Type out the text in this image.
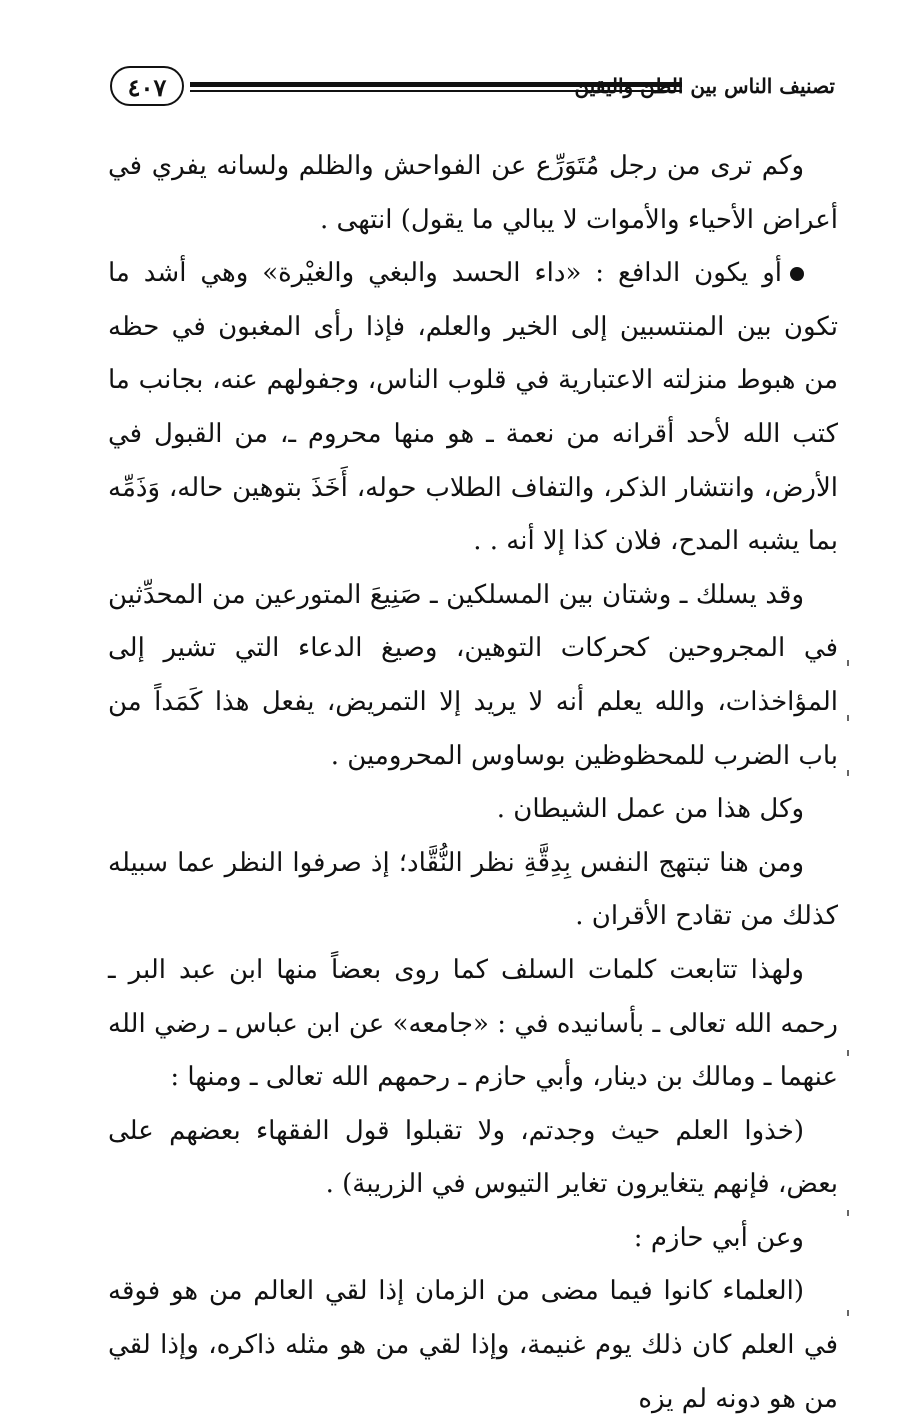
٤٠٧	تصنيف الناس بين الظن واليقين

وكم ترى من رجل مُتَوَرِّع عن الفواحش والظلم ولسانه يفري في أعراض الأحياء والأموات لا يبالي ما يقول) انتهى .

أو يكون الدافع : «داء الحسد والبغي والغيْرة» وهي أشد ما تكون بين المنتسبين إلى الخير والعلم، فإذا رأى المغبون في حظه من هبوط منزلته الاعتبارية في قلوب الناس، وجفولهم عنه، بجانب ما كتب الله لأحد أقرانه من نعمة ـ هو منها محروم ـ، من القبول في الأرض، وانتشار الذكر، والتفاف الطلاب حوله، أَخَذَ بتوهين حاله، وَذَمِّه بما يشبه المدح، فلان كذا إلا أنه . .

وقد يسلك ـ وشتان بين المسلكين ـ صَنِيعَ المتورعين من المحدِّثين في المجروحين كحركات التوهين، وصيغ الدعاء التي تشير إلى المؤاخذات، والله يعلم أنه لا يريد إلا التمريض، يفعل هذا كَمَداً من باب الضرب للمحظوظين بوساوس المحرومين .

وكل هذا من عمل الشيطان .

ومن هنا تبتهج النفس بِدِقَّةِ نظر النُّقَّاد؛ إذ صرفوا النظر عما سبيله كذلك من تقادح الأقران .

ولهذا تتابعت كلمات السلف كما روى بعضاً منها ابن عبد البر ـ رحمه الله تعالى ـ بأسانيده في : «جامعه» عن ابن عباس ـ رضي الله عنهما ـ ومالك بن دينار، وأبي حازم ـ رحمهم الله تعالى ـ ومنها :

(خذوا العلم حيث وجدتم، ولا تقبلوا قول الفقهاء بعضهم على بعض، فإنهم يتغايرون تغاير التيوس في الزريبة) .

وعن أبي حازم :

(العلماء كانوا فيما مضى من الزمان إذا لقي العالم من هو فوقه في العلم كان ذلك يوم غنيمة، وإذا لقي من هو مثله ذاكره، وإذا لقي من هو دونه لم يزه
